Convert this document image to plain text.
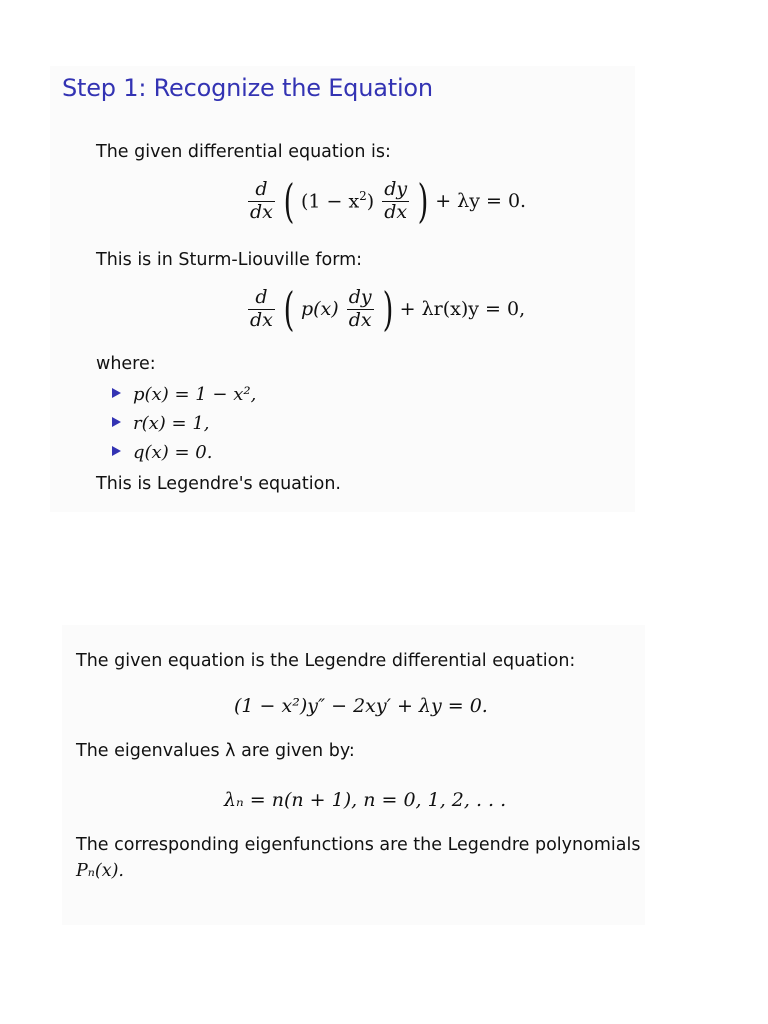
Step 1: Recognize the Equation

The given differential equation is:

$\frac{d}{dx}$ ( $(1 - x^2) \frac{dy}{dx}$ ) + λy = 0.

This is in Sturm-Liouville form:

$\frac{d}{dx}$ ( $p(x) \frac{dy}{dx}$ ) + λr(x)y = 0,

where:

p(x) = 1 − x²,
r(x) = 1,
q(x) = 0.

This is Legendre's equation.

The given equation is the Legendre differential equation:

(1 − x²)y″ − 2xy′ + λy = 0.

The eigenvalues λ are given by:

λₙ = n(n + 1), n = 0, 1, 2, . . .

The corresponding eigenfunctions are the Legendre polynomials

Pₙ(x).
